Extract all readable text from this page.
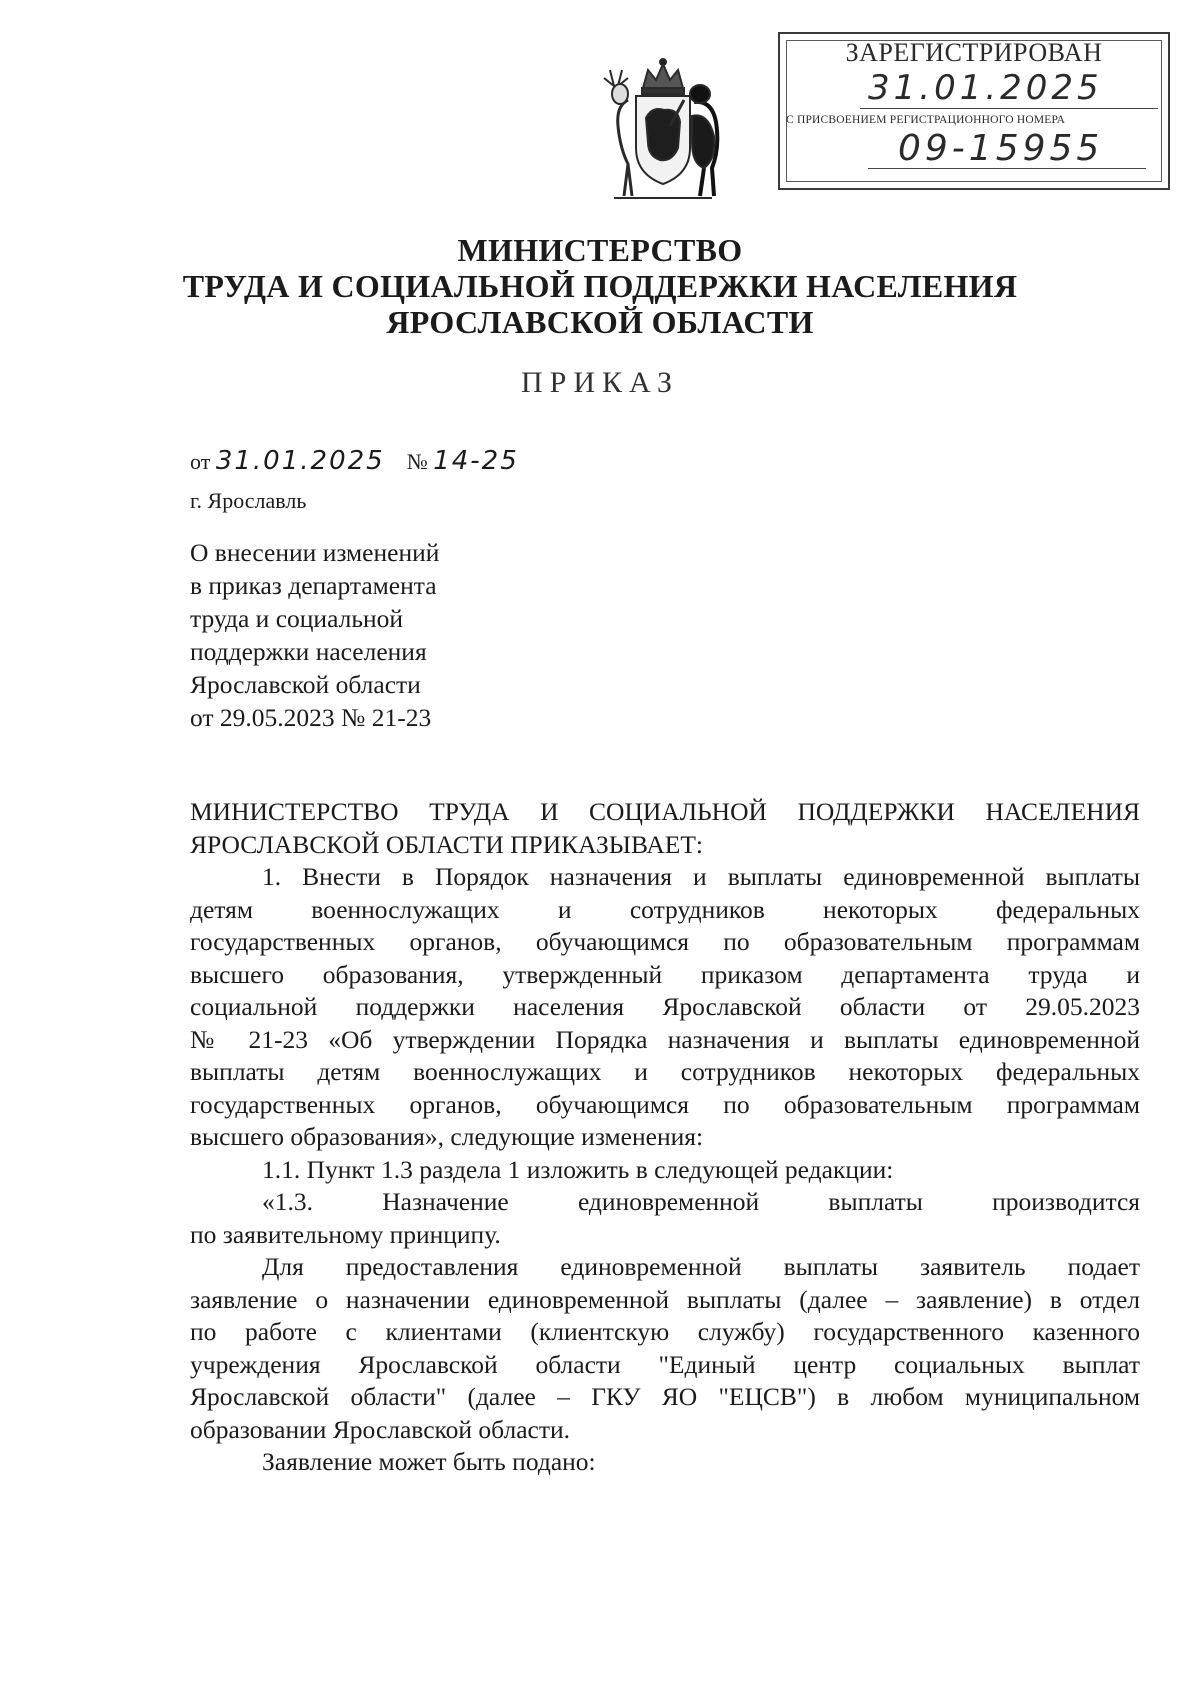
ЗАРЕГИСТРИРОВАН
31.01.2025
С ПРИСВОЕНИЕМ РЕГИСТРАЦИОННОГО НОМЕРА
09-15955
МИНИСТЕРСТВО
ТРУДА И СОЦИАЛЬНОЙ ПОДДЕРЖКИ НАСЕЛЕНИЯ
ЯРОСЛАВСКОЙ ОБЛАСТИ
ПРИКАЗ
от 31.01.2025 № 14-25
г. Ярославль
О внесении изменений
в приказ департамента
труда и социальной
поддержки населения
Ярославской области
от 29.05.2023 № 21-23

МИНИСТЕРСТВО ТРУДА И СОЦИАЛЬНОЙ ПОДДЕРЖКИ НАСЕЛЕНИЯ

ЯРОСЛАВСКОЙ ОБЛАСТИ ПРИКАЗЫВАЕТ:

1. Внести в Порядок назначения и выплаты единовременной выплаты

детям военнослужащих и сотрудников некоторых федеральных

государственных органов, обучающимся по образовательным программам

высшего образования, утвержденный приказом департамента труда и

социальной поддержки населения Ярославской области от 29.05.2023

№ 21-23 «Об утверждении Порядка назначения и выплаты единовременной

выплаты детям военнослужащих и сотрудников некоторых федеральных

государственных органов, обучающимся по образовательным программам

высшего образования», следующие изменения:

1.1. Пункт 1.3 раздела 1 изложить в следующей редакции:

«1.3. Назначение единовременной выплаты производится

по заявительному принципу.

Для предоставления единовременной выплаты заявитель подает

заявление о назначении единовременной выплаты (далее – заявление) в отдел

по работе с клиентами (клиентскую службу) государственного казенного

учреждения Ярославской области "Единый центр социальных выплат

Ярославской области" (далее – ГКУ ЯО "ЕЦСВ") в любом муниципальном

образовании Ярославской области.

Заявление может быть подано:
